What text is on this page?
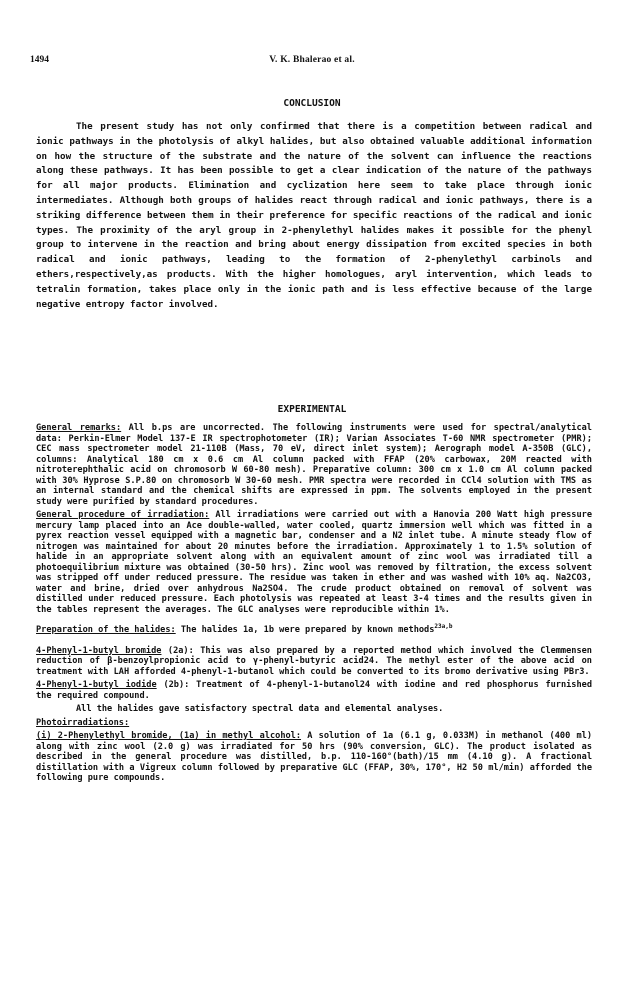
1494	V. K. Bhalerao et al.
CONCLUSION
The present study has not only confirmed that there is a competition between radical and ionic pathways in the photolysis of alkyl halides, but also obtained valuable additional information on how the structure of the substrate and the nature of the solvent can influence the reactions along these pathways. It has been possible to get a clear indication of the nature of the pathways for all major products. Elimination and cyclization here seem to take place through ionic intermediates. Although both groups of halides react through radical and ionic pathways, there is a striking difference between them in their preference for specific reactions of the radical and ionic types. The proximity of the aryl group in 2-phenylethyl halides makes it possible for the phenyl group to intervene in the reaction and bring about energy dissipation from excited species in both radical and ionic pathways, leading to the formation of 2-phenylethyl carbinols and ethers,respectively,as products. With the higher homologues, aryl intervention, which leads to tetralin formation, takes place only in the ionic path and is less effective because of the large negative entropy factor involved.
EXPERIMENTAL
General remarks: All b.ps are uncorrected. The following instruments were used for spectral/analytical data: Perkin-Elmer Model 137-E IR spectrophotometer (IR); Varian Associates T-60 NMR spectrometer (PMR); CEC mass spectrometer model 21-110B (Mass, 70 eV, direct inlet system); Aerograph model A-350B (GLC), columns: Analytical 180 cm x 0.6 cm Al column packed with FFAP (20% carbowax, 20M reacted with nitroterephthalic acid on chromosorb W 60-80 mesh). Preparative column: 300 cm x 1.0 cm Al column packed with 30% Hyprose S.P.80 on chromosorb W 30-60 mesh. PMR spectra were recorded in CCl4 solution with TMS as an internal standard and the chemical shifts are expressed in ppm. The solvents employed in the present study were purified by standard procedures.
General procedure of irradiation: All irradiations were carried out with a Hanovia 200 Watt high pressure mercury lamp placed into an Ace double-walled, water cooled, quartz immersion well which was fitted in a pyrex reaction vessel equipped with a magnetic bar, condenser and a N2 inlet tube. A minute steady flow of nitrogen was maintained for about 20 minutes before the irradiation. Approximately 1 to 1.5% solution of halide in an appropriate solvent along with an equivalent amount of zinc wool was irradiated till a photoequilibrium mixture was obtained (30-50 hrs). Zinc wool was removed by filtration, the excess solvent was stripped off under reduced pressure. The residue was taken in ether and was washed with 10% aq. Na2CO3, water and brine, dried over anhydrous Na2SO4. The crude product obtained on removal of solvent was distilled under reduced pressure. Each photolysis was repeated at least 3-4 times and the results given in the tables represent the averages. The GLC analyses were reproducible within 1%.
Preparation of the halides: The halides 1a, 1b were prepared by known methods$^{23a,b}$
4-Phenyl-1-butyl bromide (2a): This was also prepared by a reported method which involved the Clemmensen reduction of β-benzoylpropionic acid to γ-phenyl-butyric acid24. The methyl ester of the above acid on treatment with LAH afforded 4-phenyl-1-butanol which could be converted to its bromo derivative using PBr3.
4-Phenyl-1-butyl iodide (2b): Treatment of 4-phenyl-1-butanol24 with iodine and red phosphorus furnished the required compound.
All the halides gave satisfactory spectral data and elemental analyses.
Photoirradiations:
(i) 2-Phenylethyl bromide, (1a) in methyl alcohol: A solution of 1a (6.1 g, 0.033M) in methanol (400 ml) along with zinc wool (2.0 g) was irradiated for 50 hrs (90% conversion, GLC). The product isolated as described in the general procedure was distilled, b.p. 110-160°(bath)/15 mm (4.10 g). A fractional distillation with a Vigreux column followed by preparative GLC (FFAP, 30%, 170°, H2 50 ml/min) afforded the following pure compounds.
